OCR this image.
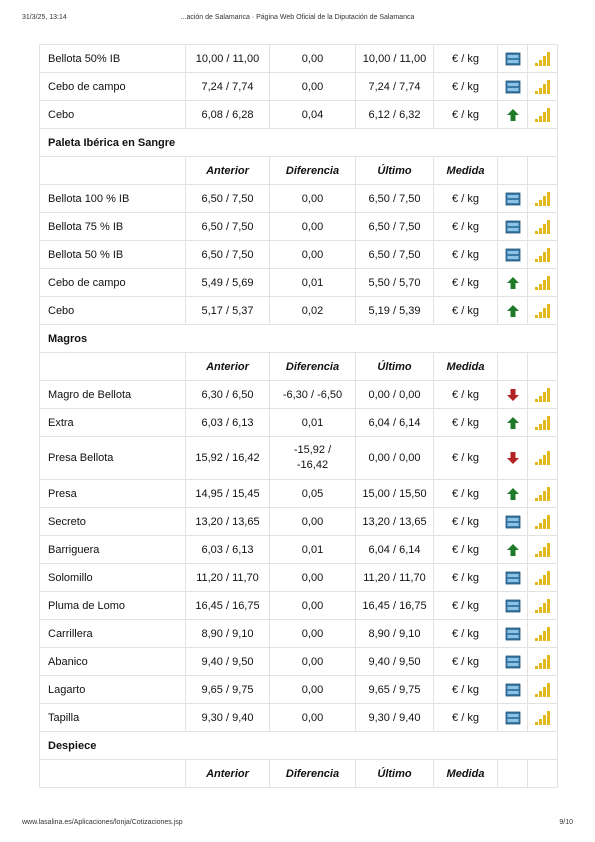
31/3/25, 13:14	...ación de Salamanca · Página Web Oficial de la Diputación de Salamanca
Bellota 50% IB	10,00 / 11,00	0,00	10,00 / 11,00	€ / kg		
Cebo de campo	7,24 / 7,74	0,00	7,24 / 7,74	€ / kg		
Cebo	6,08 / 6,28	0,04	6,12 / 6,32	€ / kg		
Paleta Ibérica en Sangre						
	Anterior	Diferencia	Último	Medida		
Bellota 100 % IB	6,50 / 7,50	0,00	6,50 / 7,50	€ / kg		
Bellota 75 % IB	6,50 / 7,50	0,00	6,50 / 7,50	€ / kg		
Bellota 50 % IB	6,50 / 7,50	0,00	6,50 / 7,50	€ / kg		
Cebo de campo	5,49 / 5,69	0,01	5,50 / 5,70	€ / kg		
Cebo	5,17 / 5,37	0,02	5,19 / 5,39	€ / kg		
Magros						
	Anterior	Diferencia	Último	Medida		
Magro de Bellota	6,30 / 6,50	-6,30 / -6,50	0,00 / 0,00	€ / kg		
Extra	6,03 / 6,13	0,01	6,04 / 6,14	€ / kg		
Presa Bellota	15,92 / 16,42	-15,92 / -16,42	0,00 / 0,00	€ / kg		
Presa	14,95 / 15,45	0,05	15,00 / 15,50	€ / kg		
Secreto	13,20 / 13,65	0,00	13,20 / 13,65	€ / kg		
Barriguera	6,03 / 6,13	0,01	6,04 / 6,14	€ / kg		
Solomillo	11,20 / 11,70	0,00	11,20 / 11,70	€ / kg		
Pluma de Lomo	16,45 / 16,75	0,00	16,45 / 16,75	€ / kg		
Carrillera	8,90 / 9,10	0,00	8,90 / 9,10	€ / kg		
Abanico	9,40 / 9,50	0,00	9,40 / 9,50	€ / kg		
Lagarto	9,65 / 9,75	0,00	9,65 / 9,75	€ / kg		
Tapilla	9,30 / 9,40	0,00	9,30 / 9,40	€ / kg		
Despiece						
	Anterior	Diferencia	Último	Medida		
www.lasalina.es/Aplicaciones/lonja/Cotizaciones.jsp	9/10
